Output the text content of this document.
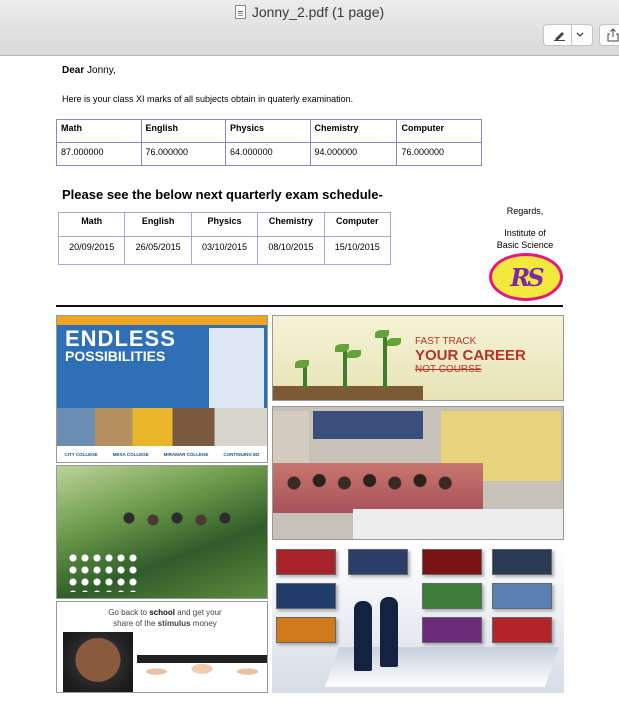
Jonny_2.pdf (1 page)
Dear Jonny,
Here is your class XI marks of all subjects obtain in quaterly examination.
Math	English	Physics	Chemistry	Computer
87.000000	76.000000	64.000000	94.000000	76.000000
Please see the below next quarterly exam schedule-
Math	English	Physics	Chemistry	Computer
20/09/2015	26/05/2015	03/10/2015	08/10/2015	15/10/2015
Regards,
Institute of
Basic Science
RS
ENDLESS
POSSIBILITIES
CITY COLLEGE	MESA COLLEGE	MIRAMAR COLLEGE	CONTINUING ED
FAST TRACK
YOUR CAREER
NOT COURSE
Go back to school and get your
share of the stimulus money
